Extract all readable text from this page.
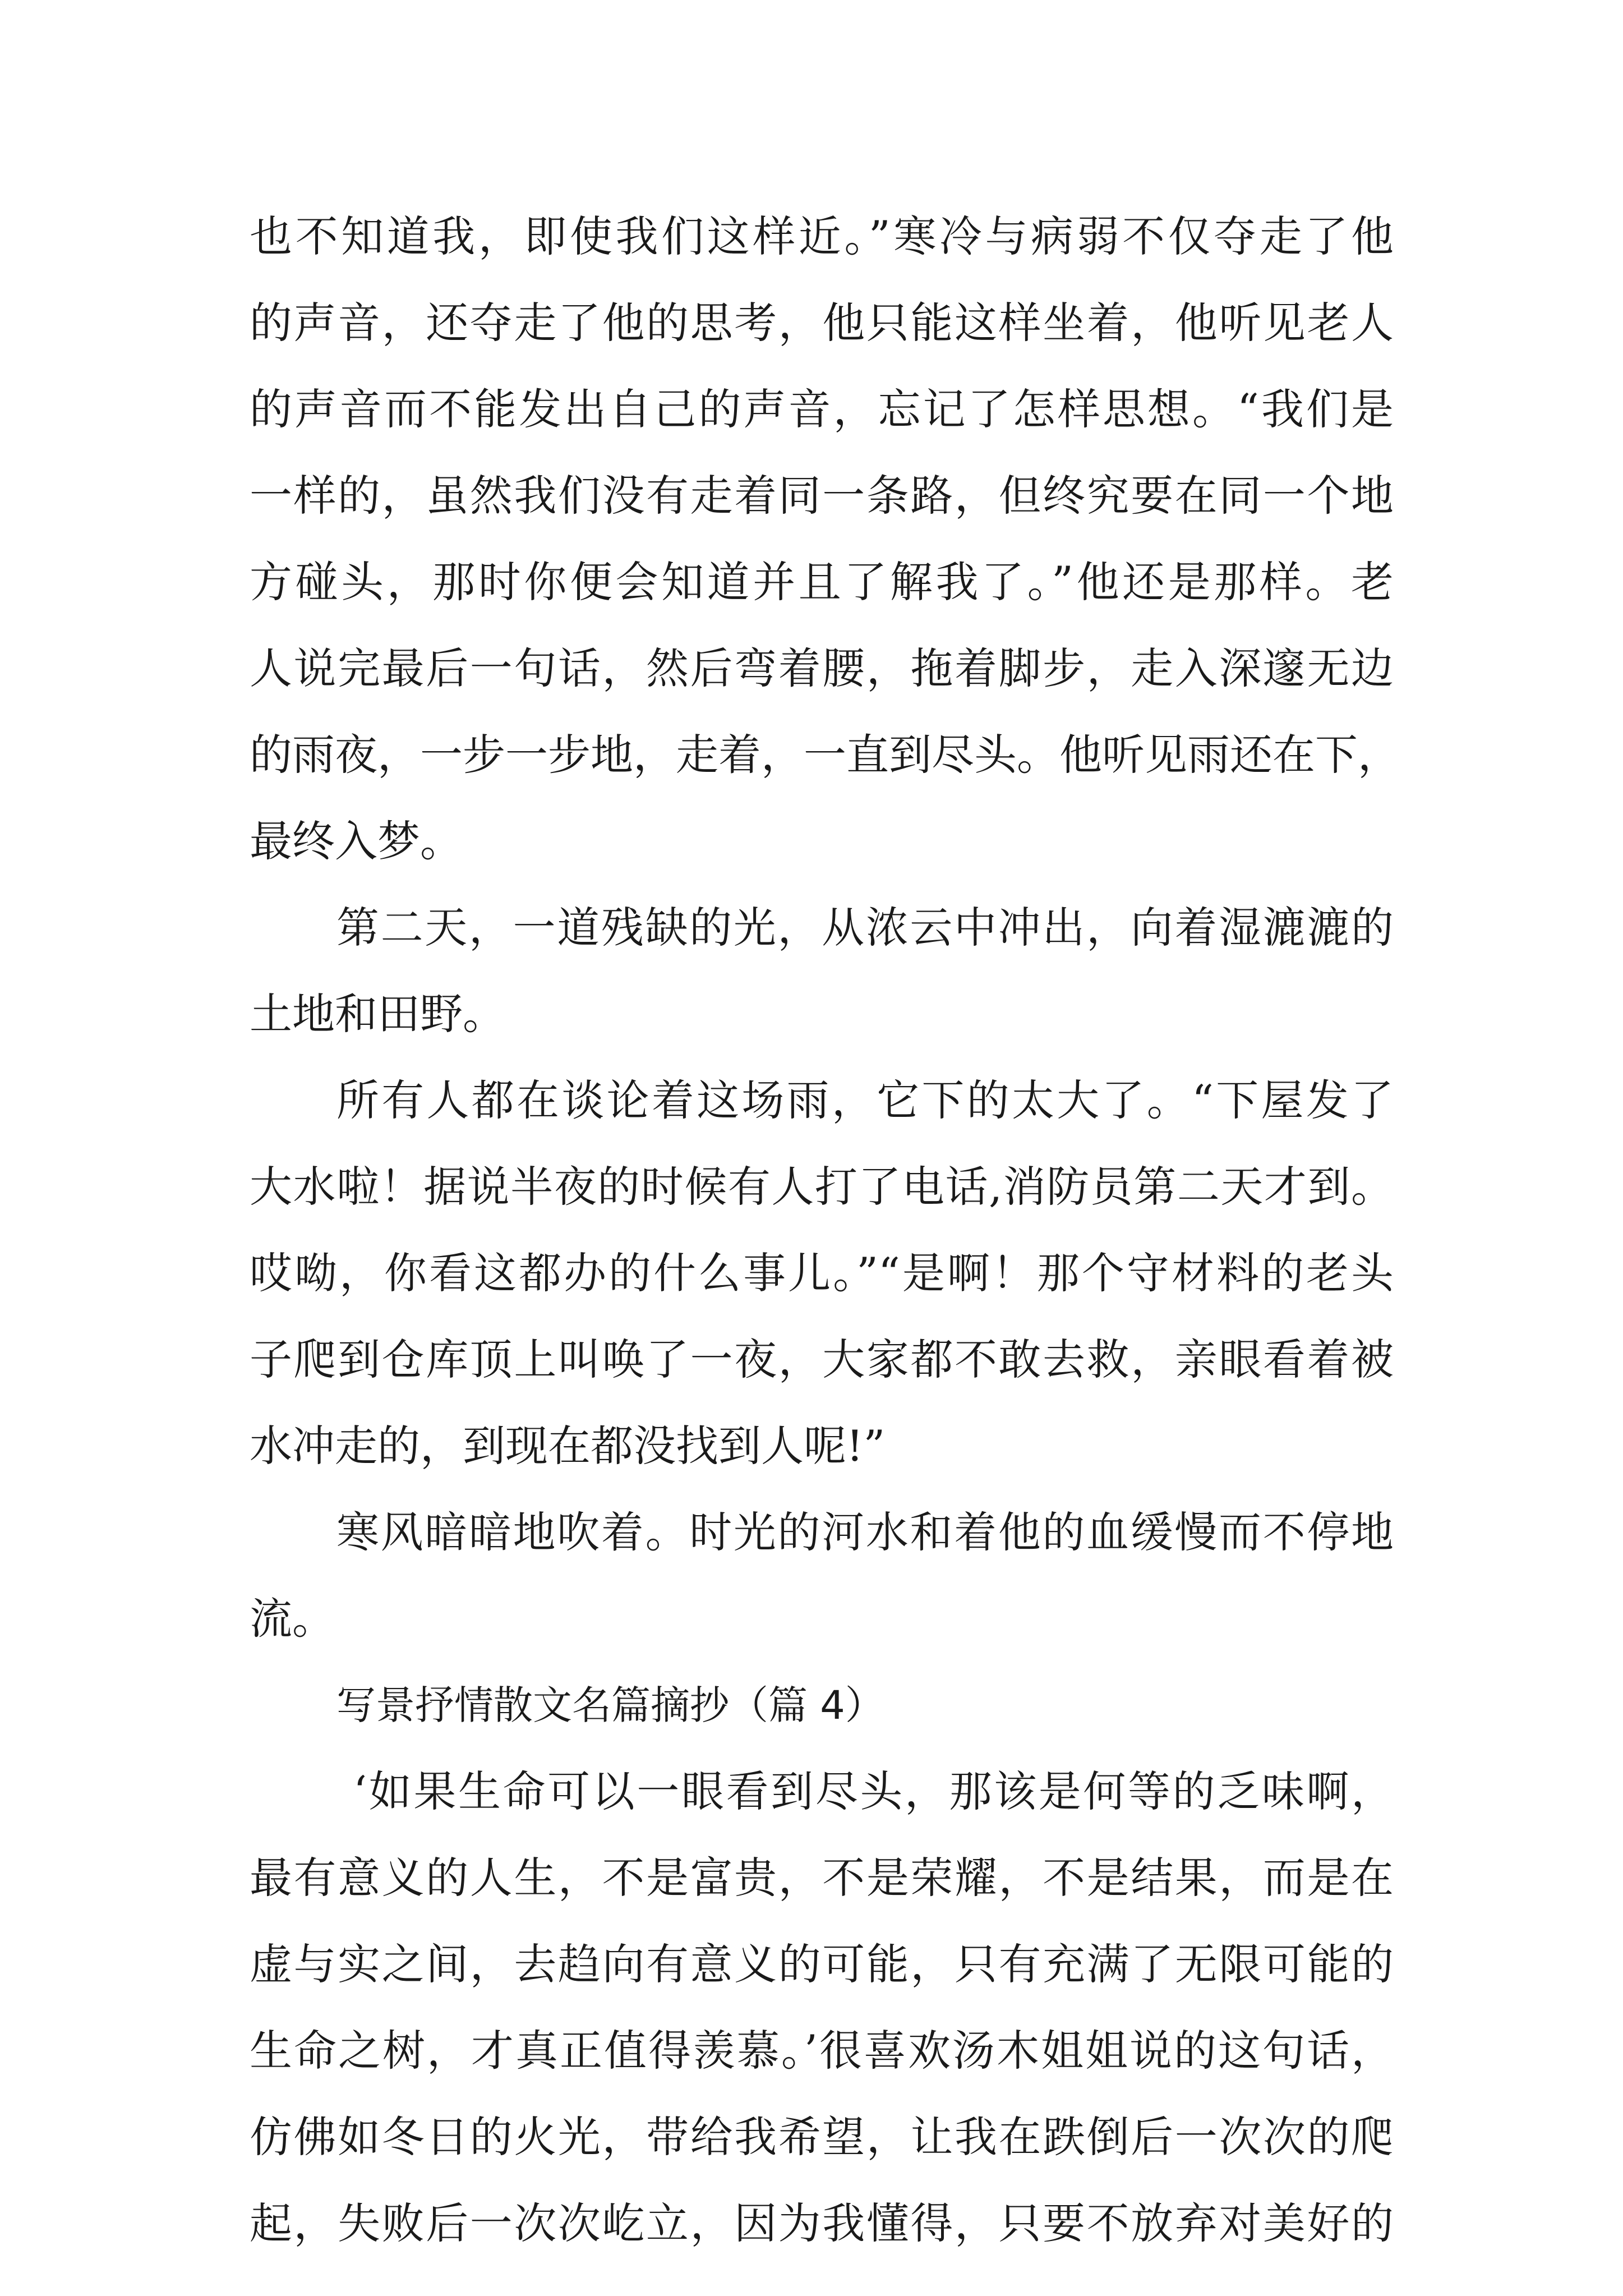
也不知道我，即使我们这样近。”寒冷与病弱不仅夺走了他

的声音，还夺走了他的思考，他只能这样坐着，他听见老人

的声音而不能发出自己的声音，忘记了怎样思想。“我们是

一样的，虽然我们没有走着同一条路，但终究要在同一个地

方碰头，那时你便会知道并且了解我了。”他还是那样。老

人说完最后一句话，然后弯着腰，拖着脚步，走入深邃无边

的雨夜，一步一步地，走着，一直到尽头。他听见雨还在下，

最终入梦。

第二天，一道残缺的光，从浓云中冲出，向着湿漉漉的

土地和田野。

所有人都在谈论着这场雨，它下的太大了。“下屋发了

大水啦！据说半夜的时候有人打了电话,消防员第二天才到。

哎呦，你看这都办的什么事儿。”“是啊！那个守材料的老头

子爬到仓库顶上叫唤了一夜，大家都不敢去救，亲眼看着被

水冲走的，到现在都没找到人呢!”

寒风暗暗地吹着。时光的河水和着他的血缓慢而不停地

流。

写景抒情散文名篇摘抄（篇 4）

‘如果生命可以一眼看到尽头，那该是何等的乏味啊，

最有意义的人生，不是富贵，不是荣耀，不是结果，而是在

虚与实之间，去趋向有意义的可能，只有充满了无限可能的

生命之树，才真正值得羡慕。’很喜欢汤木姐姐说的这句话，

仿佛如冬日的火光，带给我希望，让我在跌倒后一次次的爬

起，失败后一次次屹立，因为我懂得，只要不放弃对美好的
